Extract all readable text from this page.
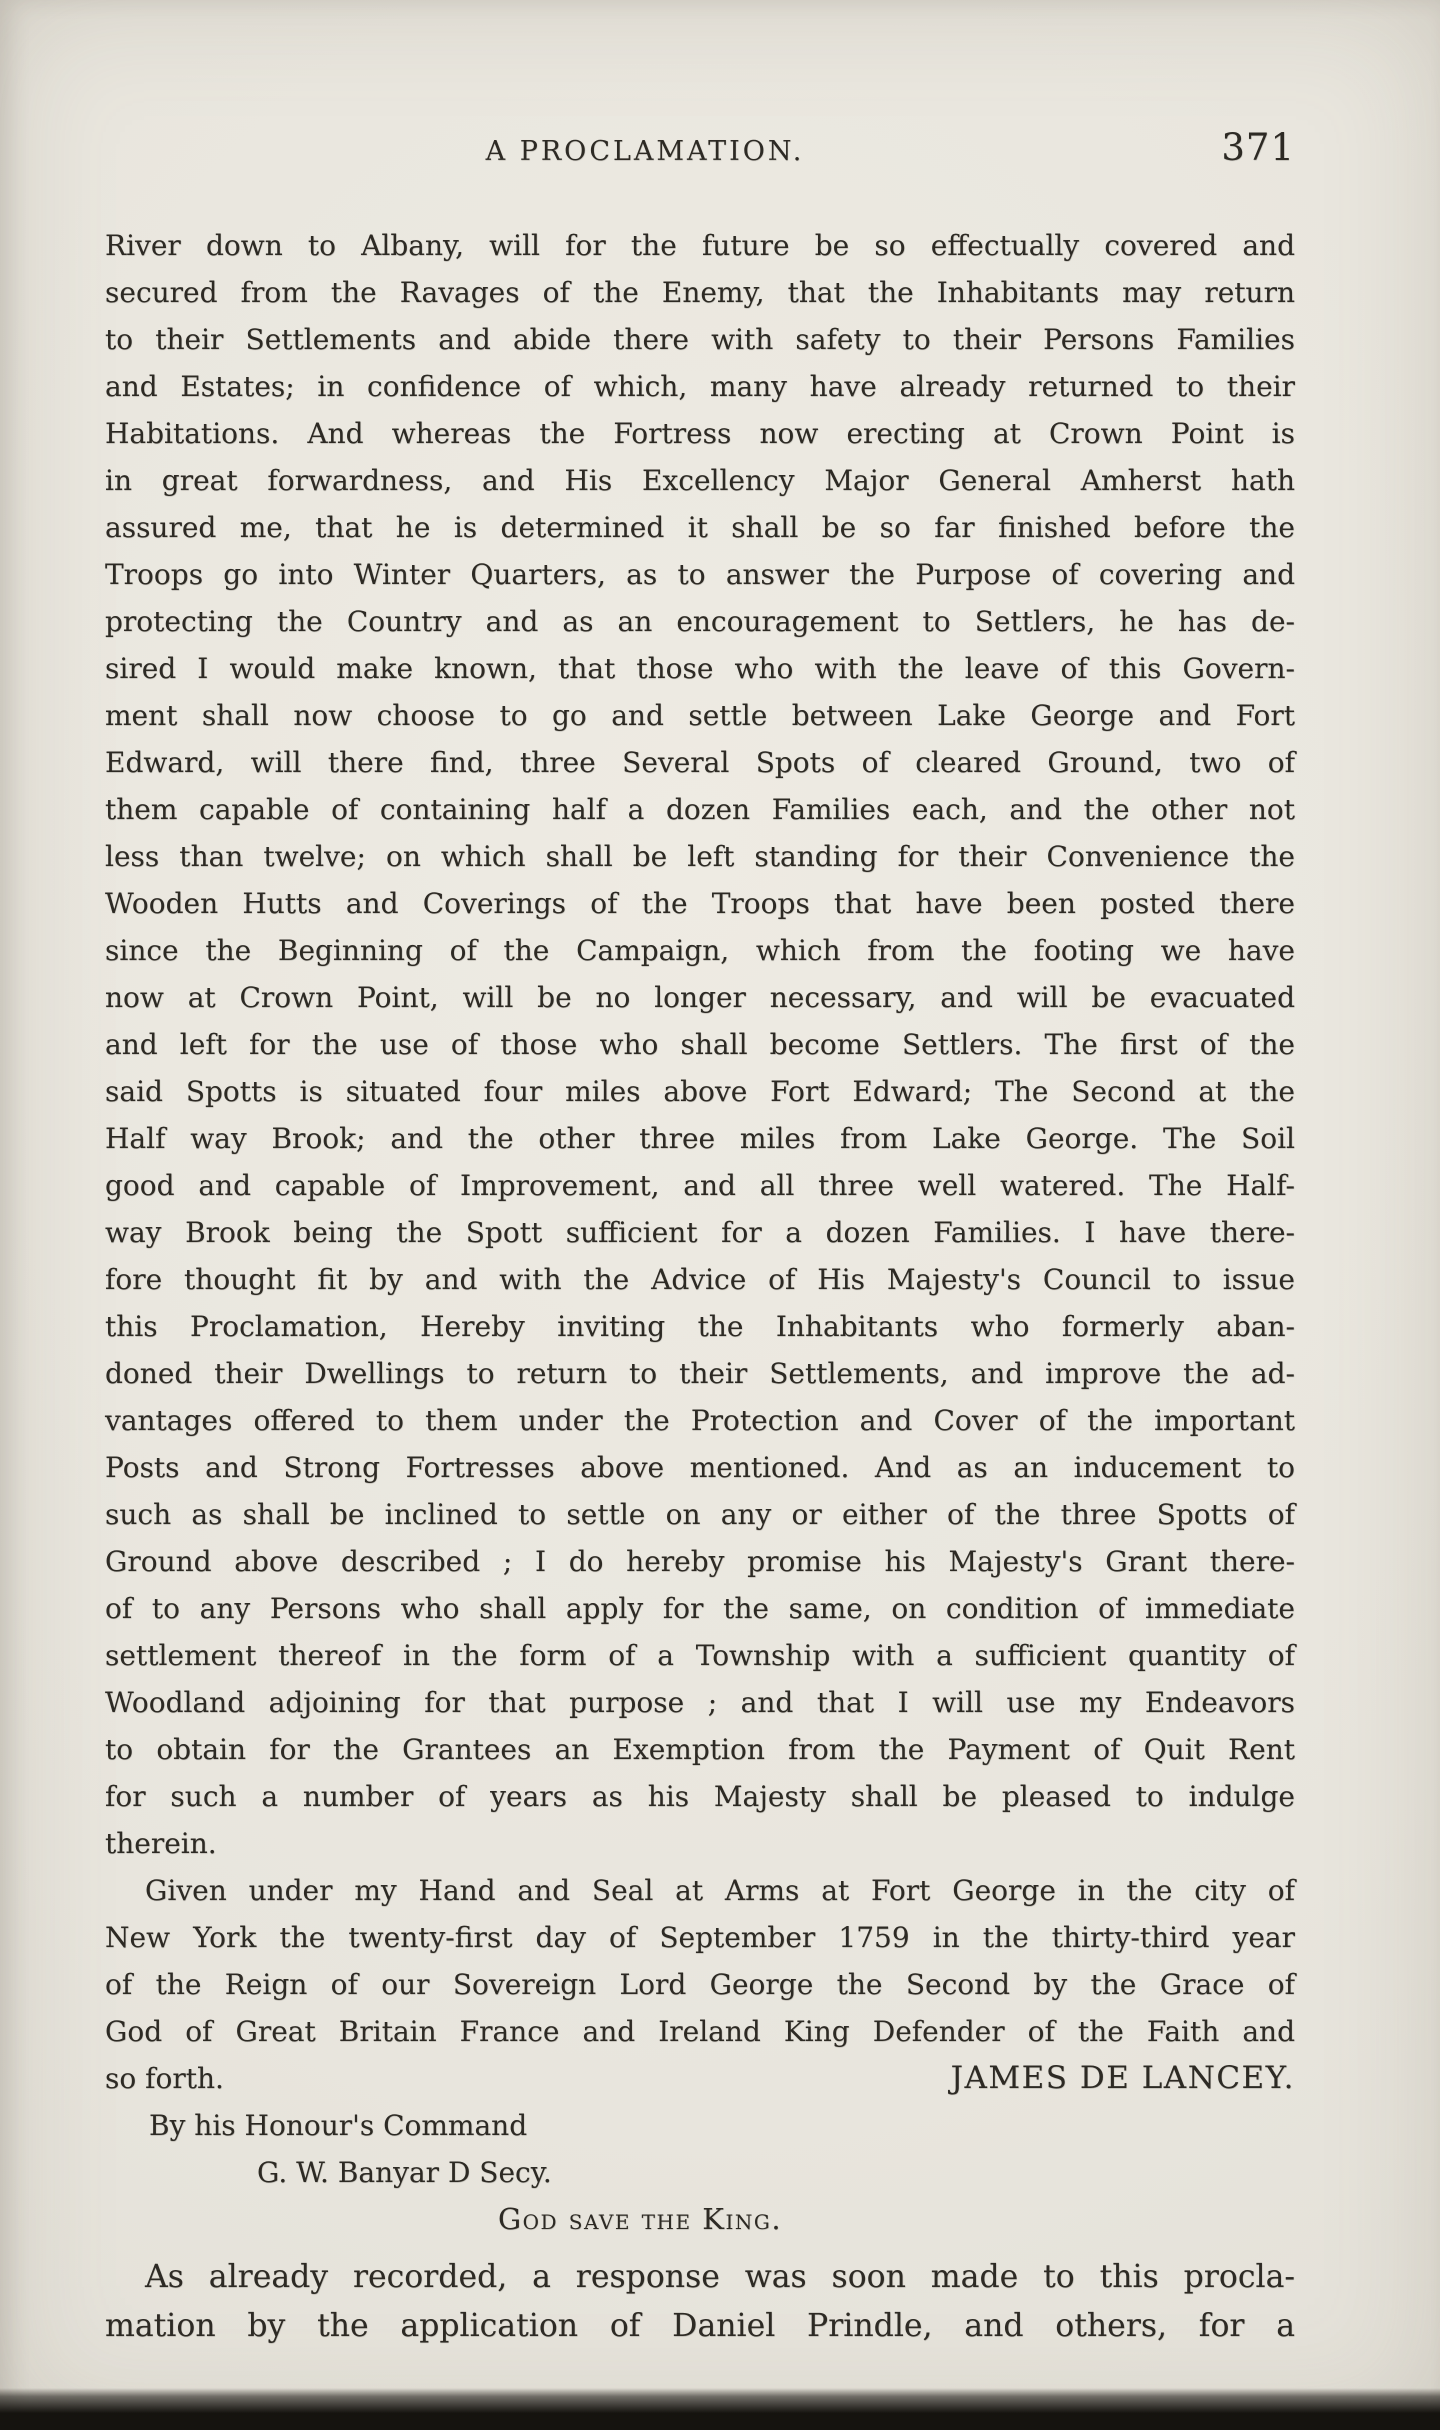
A PROCLAMATION.	371
River down to Albany, will for the future be so effectually covered and
secured from the Ravages of the Enemy, that the Inhabitants may return
to their Settlements and abide there with safety to their Persons Families
and Estates; in confidence of which, many have already returned to their
Habitations. And whereas the Fortress now erecting at Crown Point is
in great forwardness, and His Excellency Major General Amherst hath
assured me, that he is determined it shall be so far finished before the
Troops go into Winter Quarters, as to answer the Purpose of covering and
protecting the Country and as an encouragement to Settlers, he has de-
sired I would make known, that those who with the leave of this Govern-
ment shall now choose to go and settle between Lake George and Fort
Edward, will there find, three Several Spots of cleared Ground, two of
them capable of containing half a dozen Families each, and the other not
less than twelve; on which shall be left standing for their Convenience the
Wooden Hutts and Coverings of the Troops that have been posted there
since the Beginning of the Campaign, which from the footing we have
now at Crown Point, will be no longer necessary, and will be evacuated
and left for the use of those who shall become Settlers. The first of the
said Spotts is situated four miles above Fort Edward; The Second at the
Half way Brook; and the other three miles from Lake George. The Soil
good and capable of Improvement, and all three well watered. The Half-
way Brook being the Spott sufficient for a dozen Families. I have there-
fore thought fit by and with the Advice of His Majesty's Council to issue
this Proclamation, Hereby inviting the Inhabitants who formerly aban-
doned their Dwellings to return to their Settlements, and improve the ad-
vantages offered to them under the Protection and Cover of the important
Posts and Strong Fortresses above mentioned. And as an inducement to
such as shall be inclined to settle on any or either of the three Spotts of
Ground above described ; I do hereby promise his Majesty's Grant there-
of to any Persons who shall apply for the same, on condition of immediate
settlement thereof in the form of a Township with a sufficient quantity of
Woodland adjoining for that purpose ; and that I will use my Endeavors
to obtain for the Grantees an Exemption from the Payment of Quit Rent
for such a number of years as his Majesty shall be pleased to indulge
therein.
Given under my Hand and Seal at Arms at Fort George in the city of
New York the twenty-first day of September 1759 in the thirty-third year
of the Reign of our Sovereign Lord George the Second by the Grace of
God of Great Britain France and Ireland King Defender of the Faith and
so forth.	JAMES DE LANCEY.
By his Honour's Command
G. W. Banyar D Secy.
God save the King.
As already recorded, a response was soon made to this procla-
mation by the application of Daniel Prindle, and others, for a
